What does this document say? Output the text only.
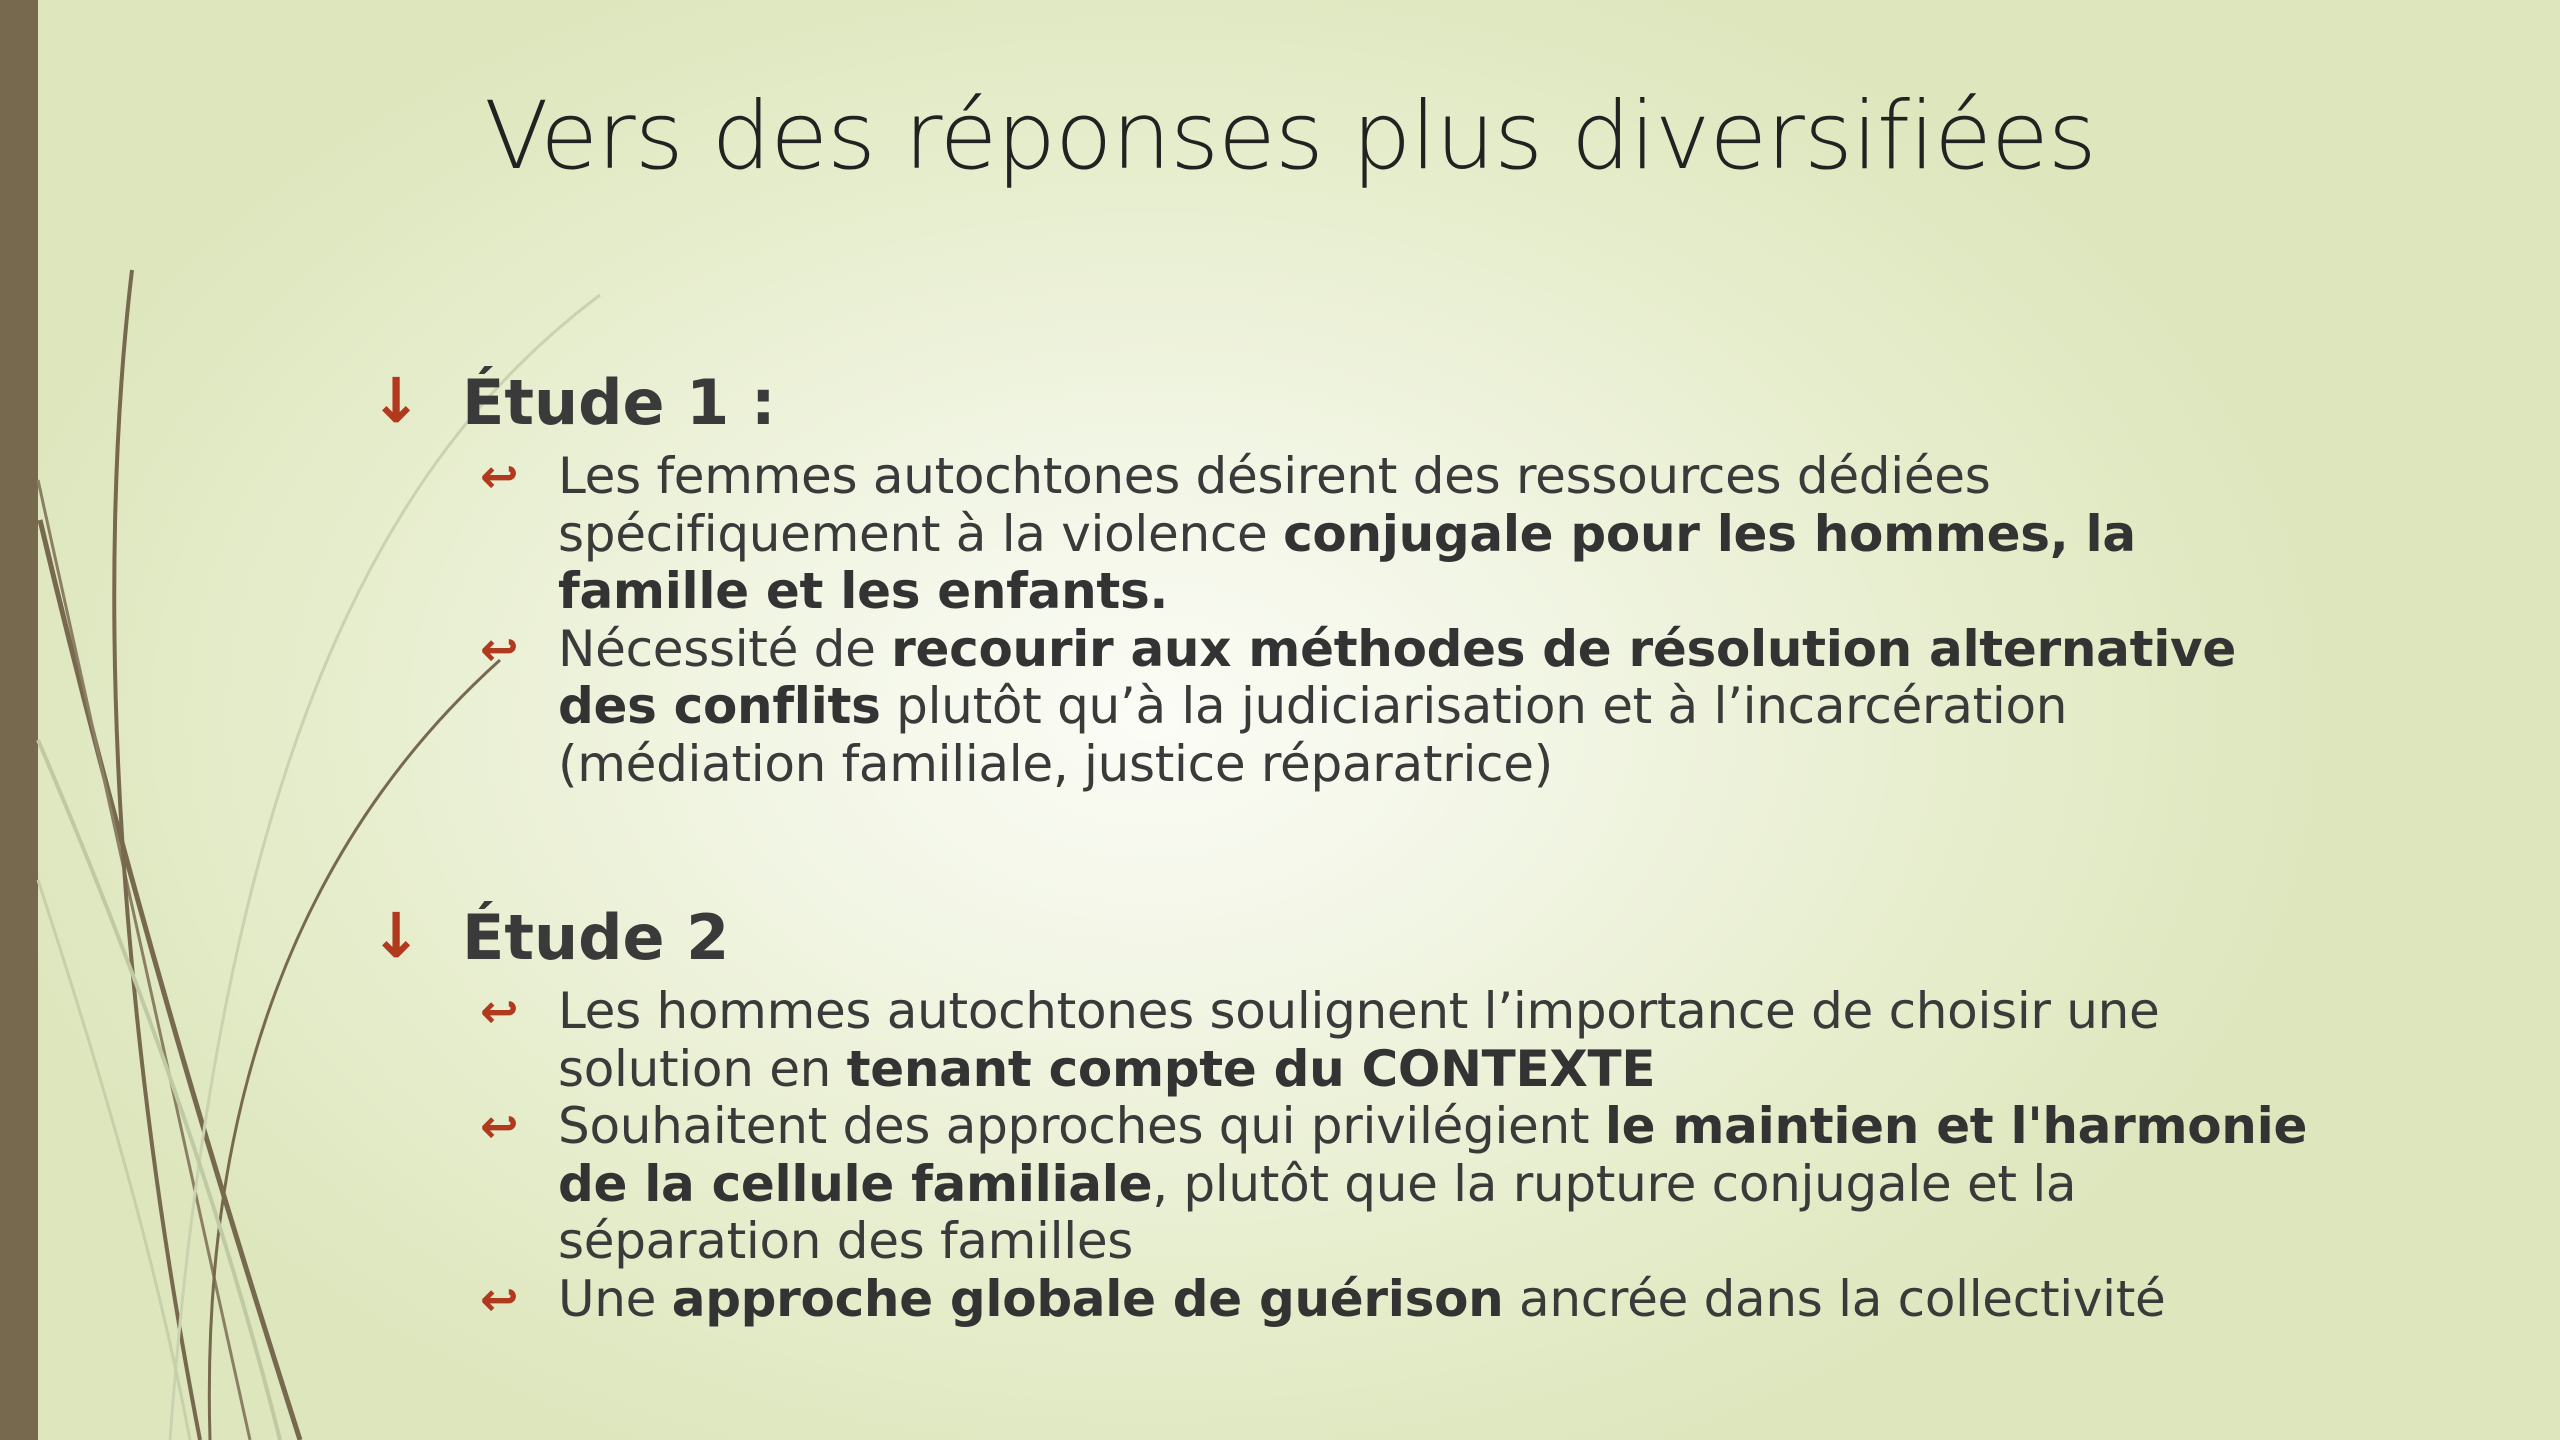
Vers des réponses plus diversifiées
↓ Étude 1 :
↩ Les femmes autochtones désirent des ressources dédiées spécifiquement à la violence conjugale pour les hommes, la famille et les enfants.
↩ Nécessité de recourir aux méthodes de résolution alternative des conflits plutôt qu’à la judiciarisation et à l’incarcération (médiation familiale, justice réparatrice)
↓ Étude 2
↩ Les hommes autochtones soulignent l’importance de choisir une solution en tenant compte du CONTEXTE
↩ Souhaitent des approches qui privilégient le maintien et l'harmonie de la cellule familiale, plutôt que la rupture conjugale et la séparation des familles
↩ Une approche globale de guérison ancrée dans la collectivité
